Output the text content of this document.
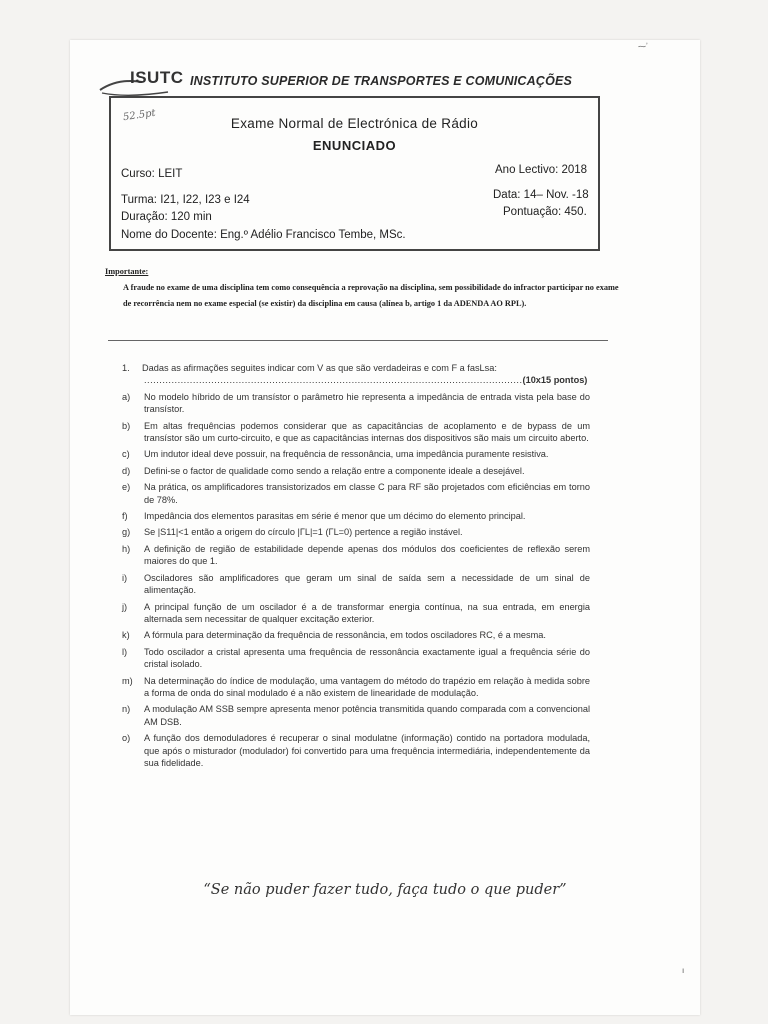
⁓ʼ
ISUTC INSTITUTO SUPERIOR DE TRANSPORTES E COMUNICAÇÕES
52.5pt
Exame Normal de Electrónica de Rádio
ENUNCIADO
Curso: LEIT
Turma: I21, I22, I23 e I24
Duração: 120 min
Nome do Docente: Eng.º Adélio Francisco Tembe, MSc.
Ano Lectivo: 2018
Data: 14– Nov. -18
Pontuação: 450.
Importante:
A fraude no exame de uma disciplina tem como consequência a reprovação na disciplina, sem possibilidade do infractor participar no exame de recorrência nem no exame especial (se existir) da disciplina em causa (alínea b, artigo 1 da ADENDA AO RPL).
1. Dadas as afirmações seguites indicar com V as que são verdadeiras e com F a fasLsa:
............................................................................................................................(10x15 pontos)
a) No modelo híbrido de um transístor o parâmetro hie representa a impedância de entrada vista pela base do transístor.
b) Em altas frequências podemos considerar que as capacitâncias de acoplamento e de bypass de um transístor são um curto-circuito, e que as capacitâncias internas dos dispositivos são mais um circuito aberto.
c) Um indutor ideal deve possuir, na frequência de ressonância, uma impedância puramente resistiva.
d) Defini-se o factor de qualidade como sendo a relação entre a componente ideale a desejável.
e) Na prática, os amplificadores transistorizados em classe C para RF são projetados com eficiências em torno de 78%.
f) Impedância dos elementos parasitas em série é menor que um décimo do elemento principal.
g) Se |S11|<1 então a origem do círculo |ΓL|=1 (ΓL=0) pertence a região instável.
h) A definição de região de estabilidade depende apenas dos módulos dos coeficientes de reflexão serem maiores do que 1.
i) Osciladores são amplificadores que geram um sinal de saída sem a necessidade de um sinal de alimentação.
j) A principal função de um oscilador é a de transformar energia contínua, na sua entrada, em energia alternada sem necessitar de qualquer excitação exterior.
k) A fórmula para determinação da frequência de ressonância, em todos osciladores RC, é a mesma.
l) Todo oscilador a cristal apresenta uma frequência de ressonância exactamente igual a frequência série do cristal isolado.
m) Na determinação do índice de modulação, uma vantagem do método do trapézio em relação à medida sobre a forma de onda do sinal modulado é a não existem de linearidade de modulação.
n) A modulação AM SSB sempre apresenta menor potência transmitida quando comparada com a convencional AM DSB.
o) A função dos demoduladores é recuperar o sinal modulatne (informação) contido na portadora modulada, que após o misturador (modulador) foi convertido para uma frequência intermediária, independentemente da sua fidelidade.
“Se não puder fazer tudo, faça tudo o que puder”
ı
